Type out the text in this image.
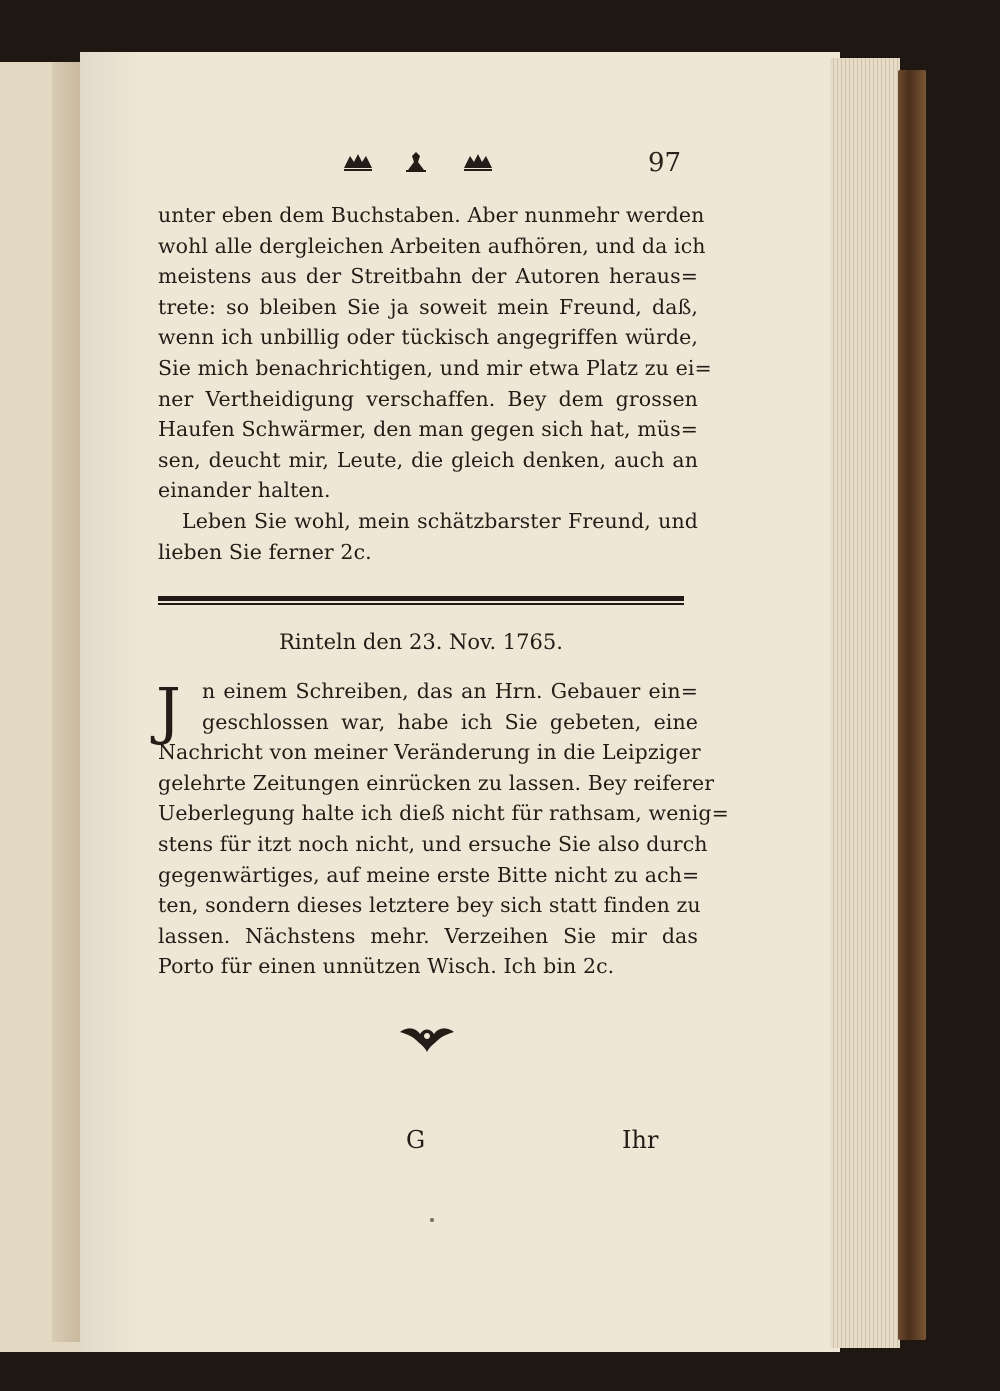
97
unter eben dem Buchstaben. Aber nunmehr werden
wohl alle dergleichen Arbeiten aufhören, und da ich
meistens aus der Streitbahn der Autoren heraus=
trete: so bleiben Sie ja soweit mein Freund, daß,
wenn ich unbillig oder tückisch angegriffen würde,
Sie mich benachrichtigen, und mir etwa Platz zu ei=
ner Vertheidigung verschaffen. Bey dem grossen
Haufen Schwärmer, den man gegen sich hat, müs=
sen, deucht mir, Leute, die gleich denken, auch an
einander halten.
Leben Sie wohl, mein schätzbarster Freund, und
lieben Sie ferner 2c.
Rinteln den 23. Nov. 1765.
J	n einem Schreiben, das an Hrn. Gebauer ein=
geschlossen war, habe ich Sie gebeten, eine
Nachricht von meiner Veränderung in die Leipziger
gelehrte Zeitungen einrücken zu lassen. Bey reiferer
Ueberlegung halte ich dieß nicht für rathsam, wenig=
stens für itzt noch nicht, und ersuche Sie also durch
gegenwärtiges, auf meine erste Bitte nicht zu ach=
ten, sondern dieses letztere bey sich statt finden zu
lassen. Nächstens mehr. Verzeihen Sie mir das
Porto für einen unnützen Wisch. Ich bin 2c.
G	Ihr
